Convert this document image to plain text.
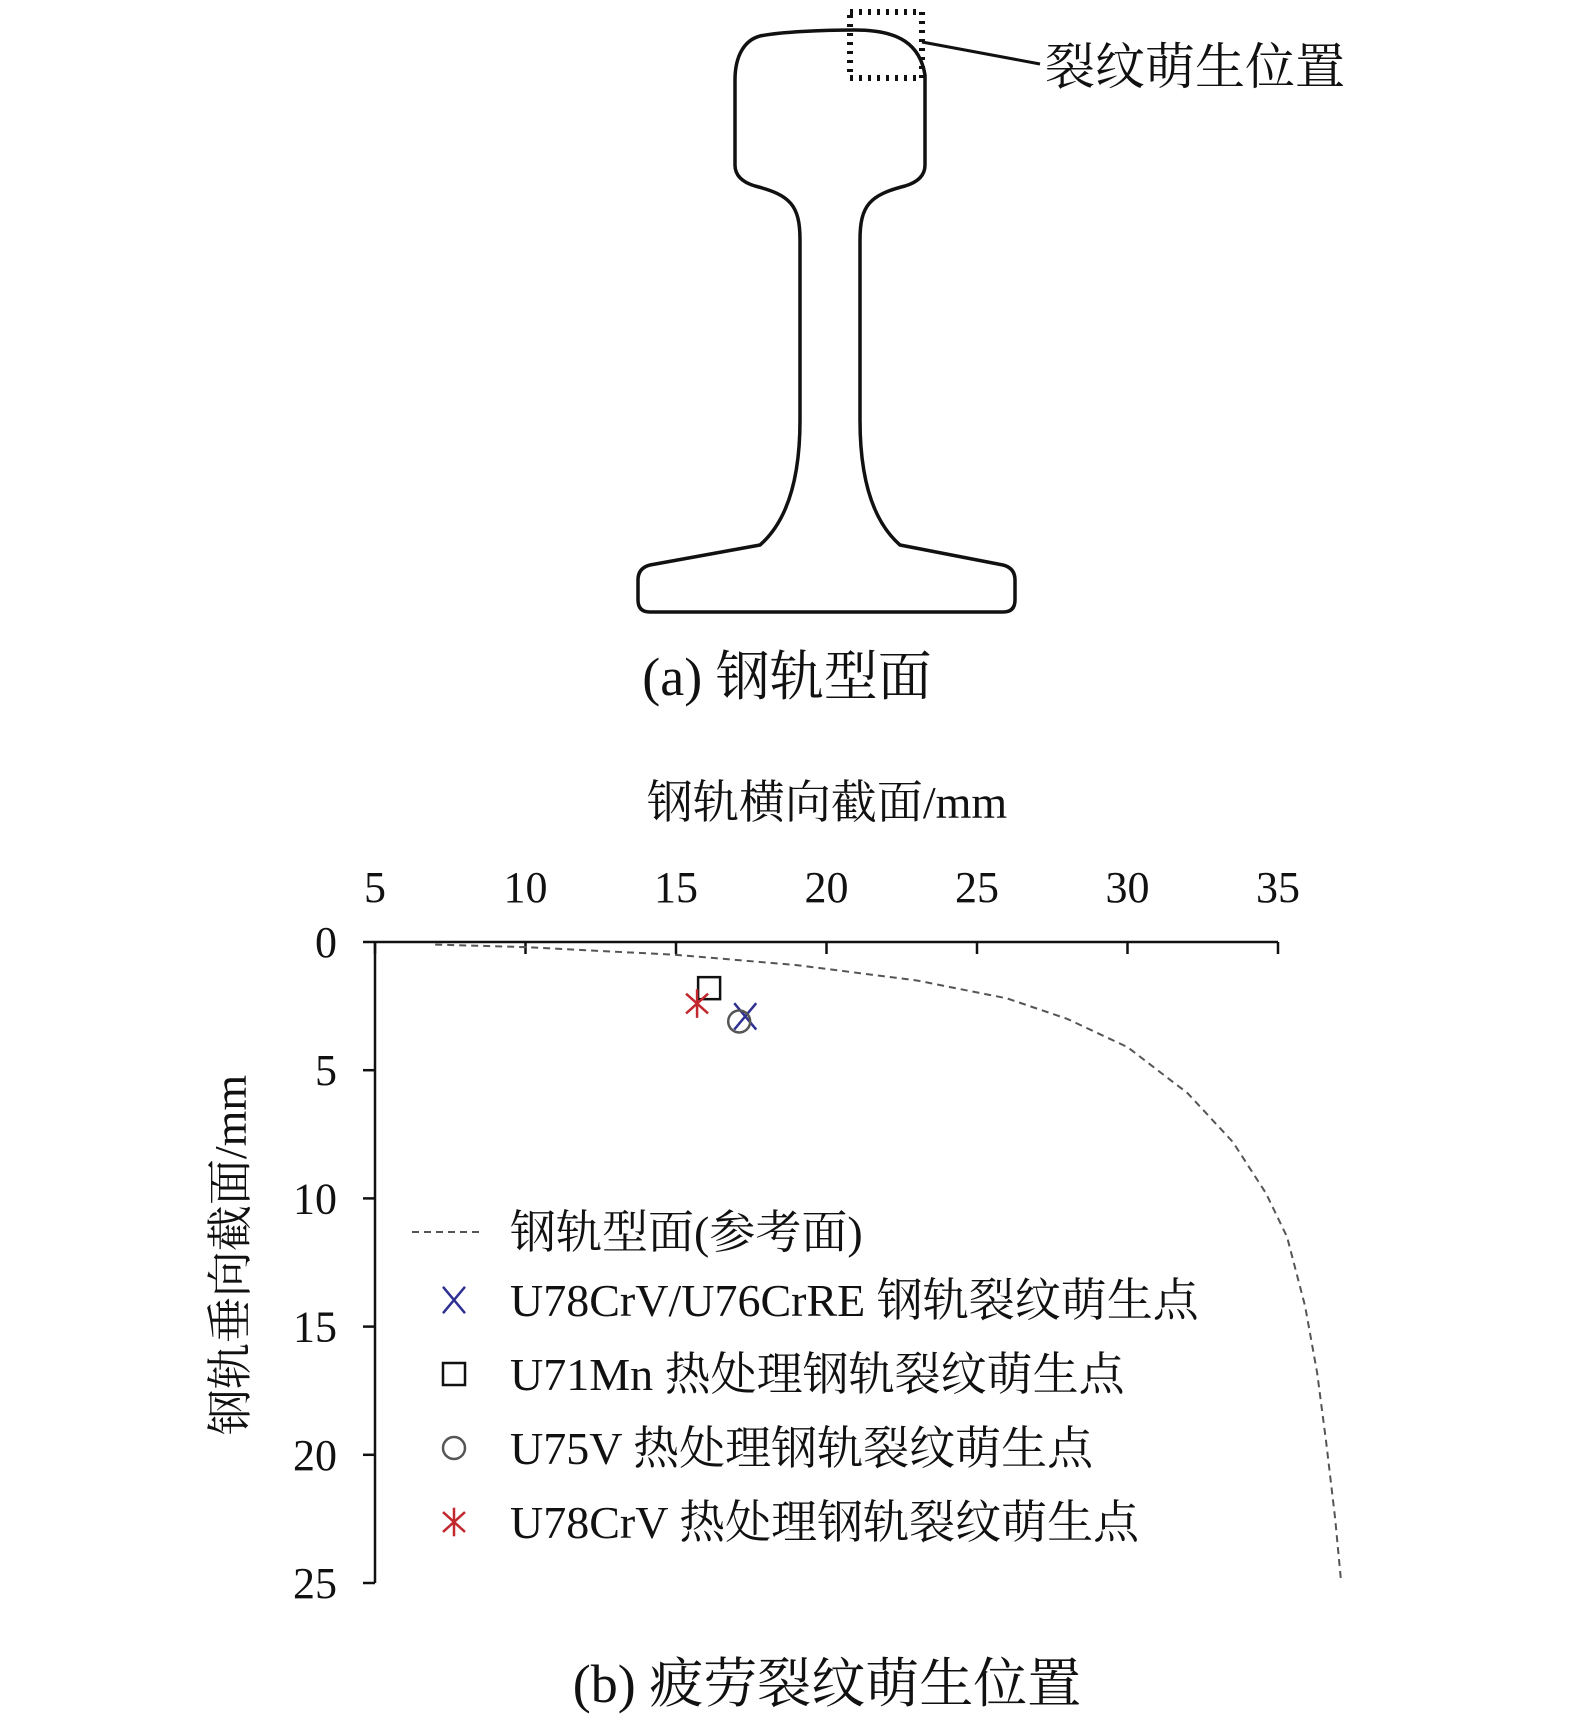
裂纹萌生位置
(a) 钢轨型面
钢轨横向截面/mm
钢轨垂向截面/mm
5	10 15 20 25 30 35
0
5
10
15
20
25
钢轨型面(参考面)
U78CrV/U76CrRE 钢轨裂纹萌生点
U71Mn 热处理钢轨裂纹萌生点
U75V 热处理钢轨裂纹萌生点
U78CrV 热处理钢轨裂纹萌生点
(b) 疲劳裂纹萌生位置
